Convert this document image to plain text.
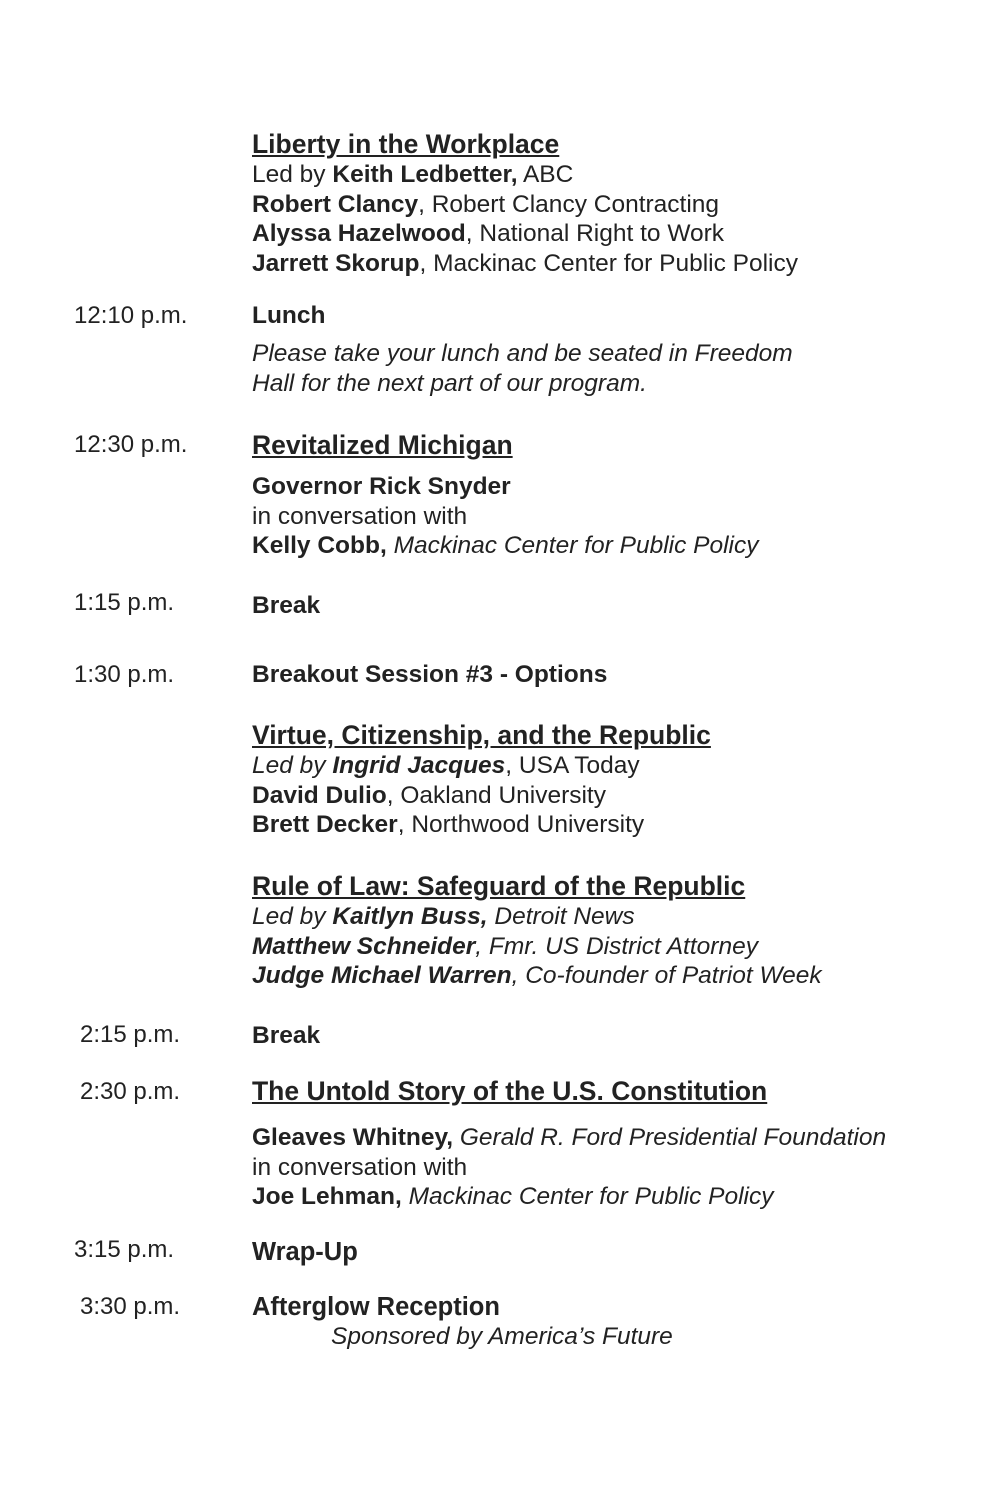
Liberty in the Workplace
Led by Keith Ledbetter, ABC
Robert Clancy, Robert Clancy Contracting
Alyssa Hazelwood, National Right to Work
Jarrett Skorup, Mackinac Center for Public Policy
12:10 p.m.	Lunch
Please take your lunch and be seated in Freedom
Hall for the next part of our program.
12:30 p.m. Revitalized Michigan
Governor Rick Snyder
in conversation with
Kelly Cobb, Mackinac Center for Public Policy
1:15 p.m.	Break
1:30 p.m.	Breakout Session #3 - Options
Virtue, Citizenship, and the Republic
Led by Ingrid Jacques, USA Today
David Dulio, Oakland University
Brett Decker, Northwood University
Rule of Law: Safeguard of the Republic
Led by Kaitlyn Buss, Detroit News
Matthew Schneider, Fmr. US District Attorney
Judge Michael Warren, Co-founder of Patriot Week
2:15 p.m.	Break
2:30 p.m.	The Untold Story of the U.S. Constitution
Gleaves Whitney, Gerald R. Ford Presidential Foundation
in conversation with
Joe Lehman, Mackinac Center for Public Policy
3:15 p.m.	Wrap-Up
3:30 p.m.	Afterglow Reception
Sponsored by America’s Future
